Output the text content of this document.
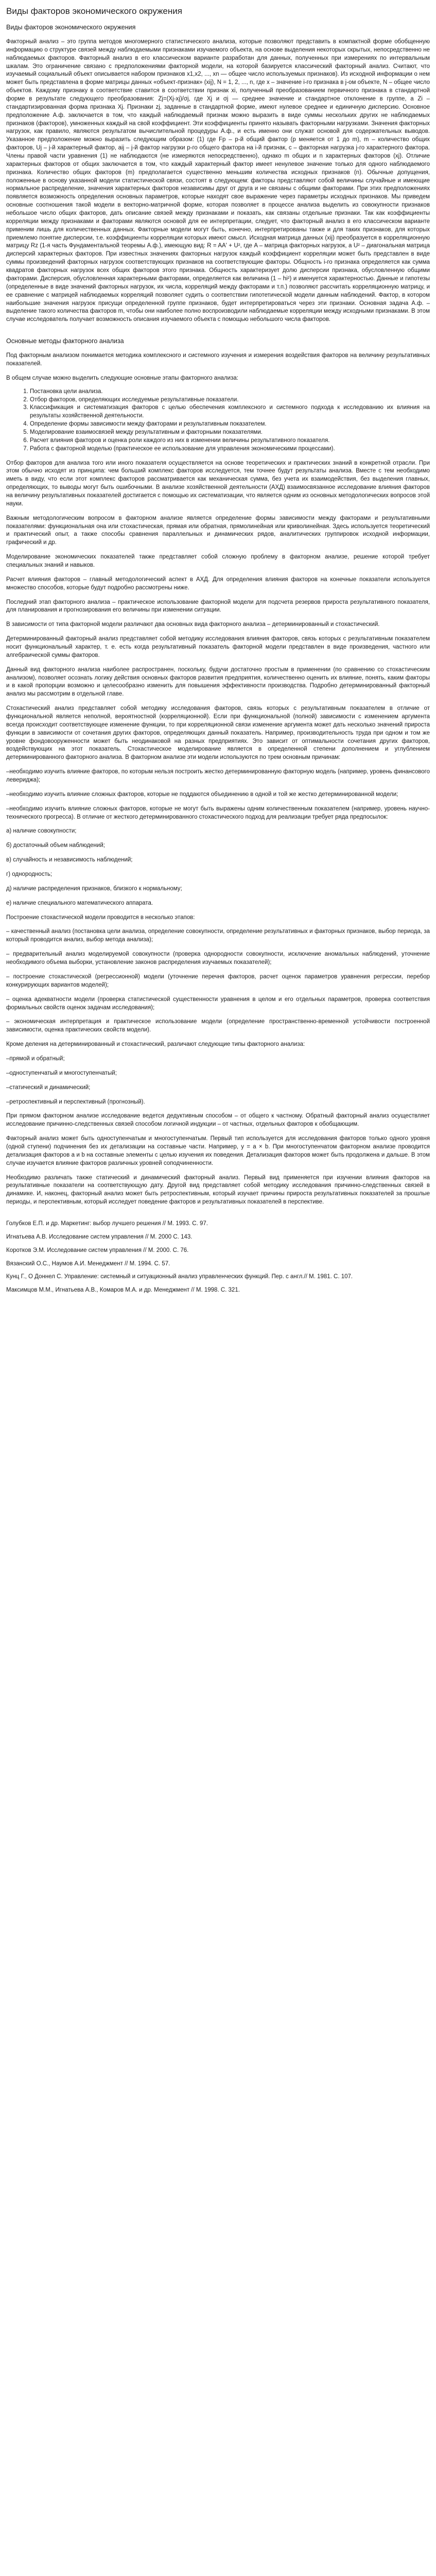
Виды факторов экономического окружения
Виды факторов экономического окружения

Факторный анализ – это группа методов многомерного статистического анализа, которые позволяют представить в компактной форме обобщенную информацию о структуре связей между наблюдаемыми признаками изучаемого объекта, на основе выделения некоторых скрытых, непосредственно не наблюдаемых факторов. Факторный анализ в его классическом варианте разработан для данных, полученных при измерениях по интервальным шкалам. Это ограничение связано с предположениями факторной модели, на которой базируется классический факторный анализ. Считают, что изучаемый социальный объект описывается набором признаков x1,x2, ..., xn — общее число используемых признаков). Из исходной информации о нем может быть представлена в форме матрицы данных «объект-признак» (xij), N = 1, 2, ..., n, где x – значение i-го признака в j-ом объекте, N – общее число объектов. Каждому признаку в соответствие ставится в соответствии признак xi, полученный преобразованием первичного признака в стандартной форме в результате следующего преобразования: Zj=(Xj-xj)/σj, где Xj и σj — среднее значение и стандартное отклонение в группе, а Zi – стандартизированная форма признака Xj. Признаки zj, заданные в стандартной форме, имеют нулевое среднее и единичную дисперсию. Основное предположение А.ф. заключается в том, что каждый наблюдаемый признак можно выразить в виде суммы нескольких других не наблюдаемых признаков (факторов), умноженных каждый на свой коэффициент. Эти коэффициенты принято называть факторными нагрузками. Значения факторных нагрузок, как правило, являются результатом вычислительной процедуры А.ф., и есть именно они служат основой для содержательных выводов. Указанное предположение можно выразить следующим образом: (1) где Fp – p-й общий фактор (p меняется от 1 до m), m – количество общих факторов, Uj – j-й характерный фактор, aij – j-й фактор нагрузки p-го общего фактора на i-й признак, с – факторная нагрузка j-го характерного фактора. Члены правой части уравнения (1) не наблюдаются (не измеряются непосредственно), однако m общих и n характерных факторов (xj). Отличие характерных факторов от общих заключается в том, что каждый характерный фактор имеет ненулевое значение только для одного наблюдаемого признака. Количество общих факторов (m) предполагается существенно меньшим количества исходных признаков (n). Обычные допущения, положенные в основу указанной модели статистической связи, состоят в следующем: факторы представляют собой величины случайные и имеющие нормальное распределение, значения характерных факторов независимы друг от друга и не связаны с общими факторами. При этих предположениях появляется возможность определения основных параметров, которые находят свое выражение через параметры исходных признаков. Мы приведем основные соотношения такой модели в векторно-матричной форме, которая позволяет в процессе анализа выделить из совокупности признаков небольшое число общих факторов, дать описание связей между признаками и показать, как связаны отдельные признаки. Так как коэффициенты корреляции между признаками и факторами являются основой для ее интерпретации, следует, что факторный анализ в его классическом варианте применим лишь для количественных данных. Факторные модели могут быть, конечно, интерпретированы также и для таких признаков, для которых приемлемо понятие дисперсии, т.е. коэффициенты корреляции которых имеют смысл. Исходная матрица данных (xij) преобразуется в корреляционную матрицу Rz (1-я часть Фундаментальной теоремы А.ф.), имеющую вид: R = AA' + U², где A – матрица факторных нагрузок, а U² – диагональная матрица дисперсий характерных факторов. При известных значениях факторных нагрузок каждый коэффициент корреляции может быть представлен в виде суммы произведений факторных нагрузок соответствующих признаков на соответствующие факторы. Общность i-го признака определяется как сумма квадратов факторных нагрузок всех общих факторов этого признака. Общность характеризует долю дисперсии признака, обусловленную общими факторами. Дисперсия, обусловленная характерными факторами, определяется как величина (1 – hi²) и именуется характерностью. Данные и гипотезы (определенные в виде значений факторных нагрузок, их числа, корреляций между факторами и т.п.) позволяют рассчитать корреляционную матрицу, и ее сравнение с матрицей наблюдаемых корреляций позволяет судить о соответствии гипотетической модели данным наблюдений. Фактор, в котором наибольшие значения нагрузок присущи определенной группе признаков, будет интерпретироваться через эти признаки. Основная задача А.ф. – выделение такого количества факторов m, чтобы они наиболее полно воспроизводили наблюдаемые корреляции между исходными признаками. В этом случае исследователь получает возможность описания изучаемого объекта с помощью небольшого числа факторов.

Основные методы факторного анализа

Под факторным анализом понимается методика комплексного и системного изучения и измерения воздействия факторов на величину результативных показателей.

В общем случае можно выделить следующие основные этапы факторного анализа:

1. Постановка цели анализа.
2. Отбор факторов, определяющих исследуемые результативные показатели.
3. Классификация и систематизация факторов с целью обеспечения комплексного и системного подхода к исследованию их влияния на результаты хозяйственной деятельности.
4. Определение формы зависимости между факторами и результативным показателем.
5. Моделирование взаимосвязей между результативным и факторными показателями.
6. Расчет влияния факторов и оценка роли каждого из них в изменении величины результативного показателя.
7. Работа с факторной моделью (практическое ее использование для управления экономическими процессами).

Отбор факторов для анализа того или иного показателя осуществляется на основе теоретических и практических знаний в конкретной отрасли. При этом обычно исходят из принципа: чем больший комплекс факторов исследуется, тем точнее будут результаты анализа. Вместе с тем необходимо иметь в виду, что если этот комплекс факторов рассматривается как механическая сумма, без учета их взаимодействия, без выделения главных, определяющих, то выводы могут быть ошибочными. В анализе хозяйственной деятельности (АХД) взаимосвязанное исследование влияния факторов на величину результативных показателей достигается с помощью их систематизации, что является одним из основных методологических вопросов этой науки.

Важным методологическим вопросом в факторном анализе является определение формы зависимости между факторами и результативными показателями: функциональная она или стохастическая, прямая или обратная, прямолинейная или криволинейная. Здесь используется теоретический и практический опыт, а также способы сравнения параллельных и динамических рядов, аналитических группировок исходной информации, графический и др.

Моделирование экономических показателей также представляет собой сложную проблему в факторном анализе, решение которой требует специальных знаний и навыков.

Расчет влияния факторов – главный методологический аспект в АХД. Для определения влияния факторов на конечные показатели используется множество способов, которые будут подробно рассмотрены ниже.

Последний этап факторного анализа – практическое использование факторной модели для подсчета резервов прироста результативного показателя, для планирования и прогнозирования его величины при изменении ситуации.

В зависимости от типа факторной модели различают два основных вида факторного анализа – детерминированный и стохастический.

Детерминированный факторный анализ представляет собой методику исследования влияния факторов, связь которых с результативным показателем носит функциональный характер, т. е. есть когда результативный показатель факторной модели представлен в виде произведения, частного или алгебраической суммы факторов.

Данный вид факторного анализа наиболее распространен, поскольку, будучи достаточно простым в применении (по сравнению со стохастическим анализом), позволяет осознать логику действия основных факторов развития предприятия, количественно оценить их влияние, понять, каким факторы и в какой пропорции возможно и целесообразно изменить для повышения эффективности производства. Подробно детерминированный факторный анализ мы рассмотрим в отдельной главе.

Стохастический анализ представляет собой методику исследования факторов, связь которых с результативным показателем в отличие от функциональной является неполной, вероятностной (корреляционной). Если при функциональной (полной) зависимости с изменением аргумента всегда происходит соответствующее изменение функции, то при корреляционной связи изменение аргумента может дать несколько значений прироста функции в зависимости от сочетания других факторов, определяющих данный показатель. Например, производительность труда при одном и том же уровне фондовооруженности может быть неодинаковой на разных предприятиях. Это зависит от оптимальности сочетания других факторов, воздействующих на этот показатель. Стохастическое моделирование является в определенной степени дополнением и углублением детерминированного факторного анализа. В факторном анализе эти модели используются по трем основным причинам:

–необходимо изучить влияние факторов, по которым нельзя построить жестко детерминированную факторную модель (например, уровень финансового левериджа);

–необходимо изучить влияние сложных факторов, которые не поддаются объединению в одной и той же жестко детерминированной модели;

–необходимо изучить влияние сложных факторов, которые не могут быть выражены одним количественным показателем (например, уровень научно-технического прогресса). В отличие от жесткого детерминированного стохастического подход для реализации требует ряда предпосылок:

а) наличие совокупности;

б) достаточный объем наблюдений;

в) случайность и независимость наблюдений;

г) однородность;

д) наличие распределения признаков, близкого к нормальному;

е) наличие специального математического аппарата.

Построение стохастической модели проводится в несколько этапов:

– качественный анализ (постановка цели анализа, определение совокупности, определение результативных и факторных признаков, выбор периода, за который проводится анализ, выбор метода анализа);

– предварительный анализ моделируемой совокупности (проверка однородности совокупности, исключение аномальных наблюдений, уточнение необходимого объема выборки, установление законов распределения изучаемых показателей);

– построение стохастической (регрессионной) модели (уточнение перечня факторов, расчет оценок параметров уравнения регрессии, перебор конкурирующих вариантов моделей);

– оценка адекватности модели (проверка статистической существенности уравнения в целом и его отдельных параметров, проверка соответствия формальных свойств оценок задачам исследования);

– экономическая интерпретация и практическое использование модели (определение пространственно-временной устойчивости построенной зависимости, оценка практических свойств модели).

Кроме деления на детерминированный и стохастический, различают следующие типы факторного анализа:

–прямой и обратный;

–одноступенчатый и многоступенчатый;

–статический и динамический;

–ретроспективный и перспективный (прогнозный).

При прямом факторном анализе исследование ведется дедуктивным способом – от общего к частному. Обратный факторный анализ осуществляет исследование причинно-следственных связей способом логичной индукции – от частных, отдельных факторов к обобщающим.

Факторный анализ может быть одноступенчатым и многоступенчатым. Первый тип используется для исследования факторов только одного уровня (одной ступени) подчинения без их детализации на составные части. Например, y = a × b. При многоступенчатом факторном анализе проводится детализация факторов а и b на составные элементы с целью изучения их поведения. Детализация факторов может быть продолжена и дальше. В этом случае изучается влияние факторов различных уровней соподчиненности.

Необходимо различать также статический и динамический факторный анализ. Первый вид применяется при изучении влияния факторов на результативные показатели на соответствующую дату. Другой вид представляет собой методику исследования причинно-следственных связей в динамике. И, наконец, факторный анализ может быть ретроспективным, который изучает причины прироста результативных показателей за прошлые периоды, и перспективным, который исследует поведение факторов и результативных показателей в перспективе.

Голубков Е.П. и др. Маркетинг: выбор лучшего решения // М. 1993. С. 97.

Игнатьева А.В. Исследование систем управления // М. 2000 С. 143.

Коротков Э.М. Исследование систем управления // М. 2000. С. 76.

Вязанский О.С., Наумов А.И. Менеджмент // М. 1994. С. 57.

Кунц Г., О Доннел С. Управление: системный и ситуационный анализ управленческих функций. Пер. с англ.// М. 1981. С. 107.

Максимцов М.М., Игнатьева А.В., Комаров М.А. и др. Менеджмент // М. 1998. С. 321.
